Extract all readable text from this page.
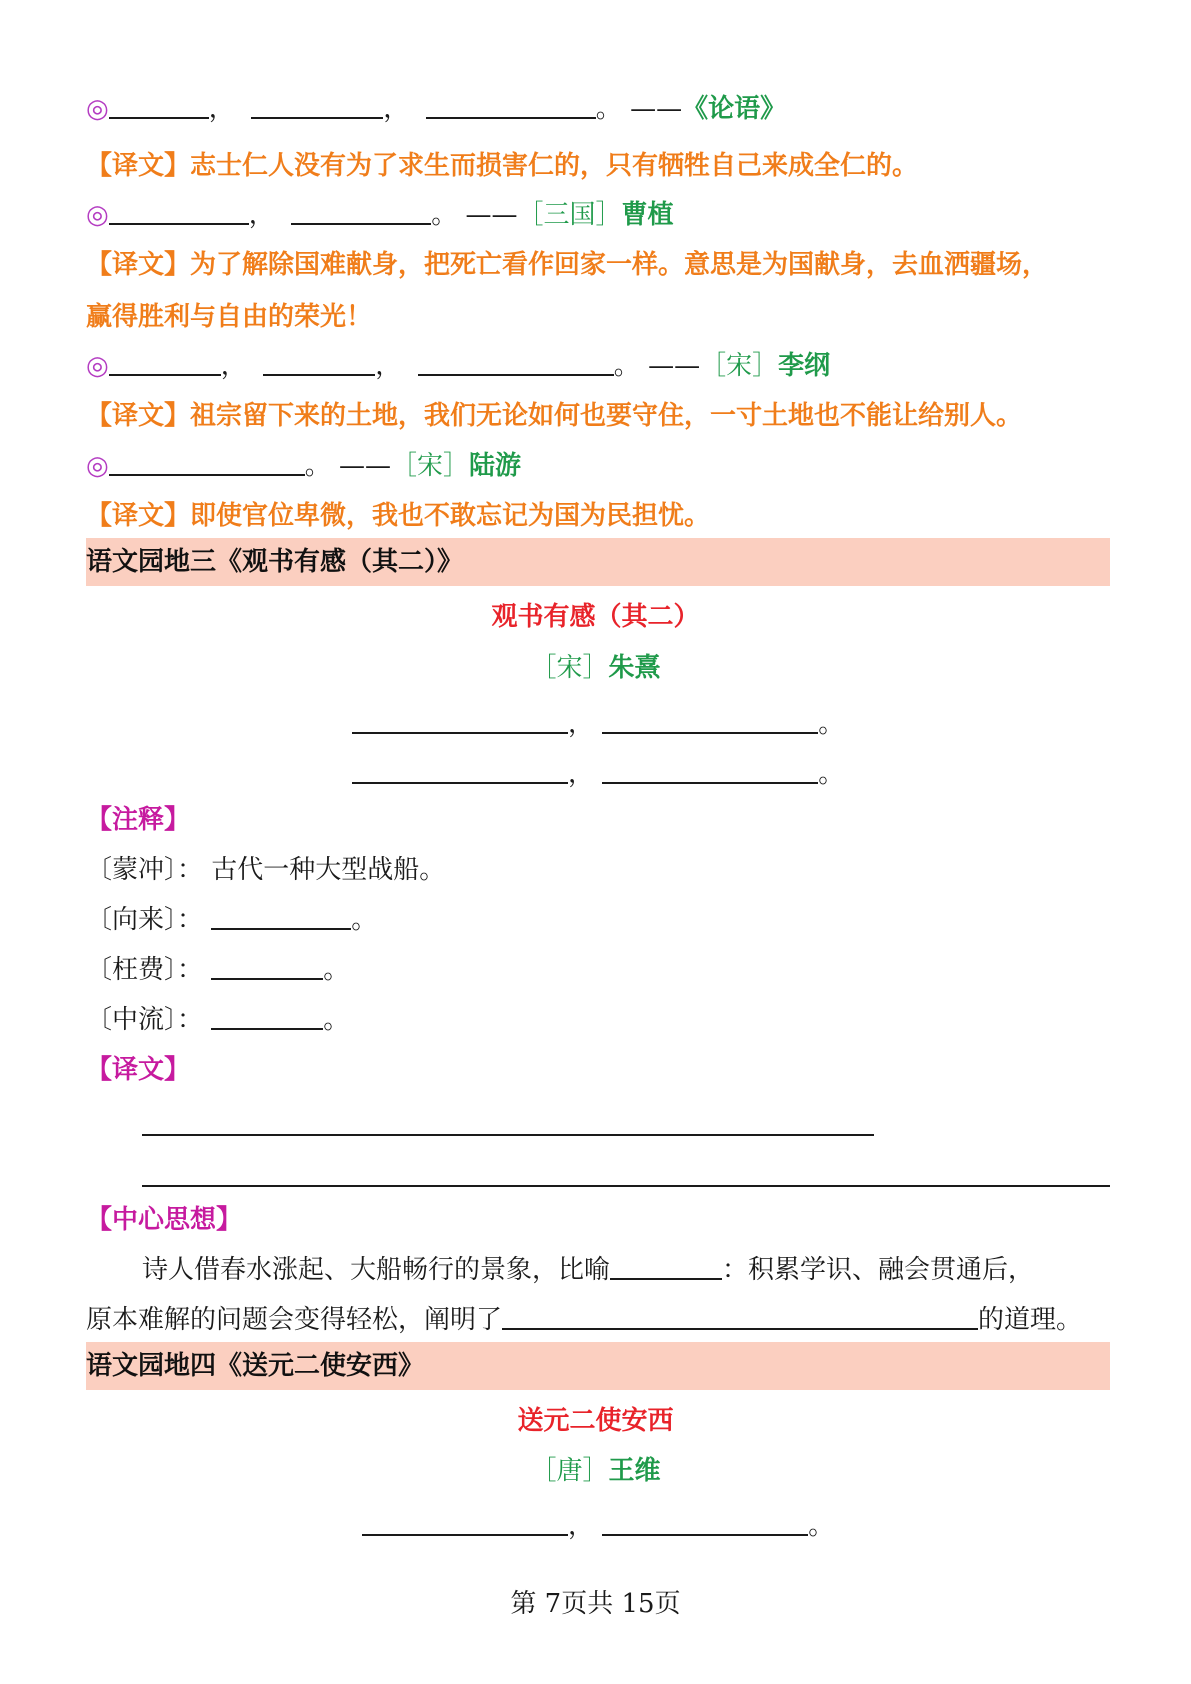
◎	，	，	。 ——《论语》
【译文】志士仁人没有为了求生而损害仁的，只有牺牲自己来成全仁的。
◎	，	。 ——［三国］曹植
【译文】为了解除国难献身，把死亡看作回家一样。意思是为国献身，去血洒疆场，
赢得胜利与自由的荣光！
◎	，	，	。 ——［宋］李纲
【译文】祖宗留下来的土地，我们无论如何也要守住，一寸土地也不能让给别人。
◎	。 ——［宋］陆游
【译文】即使官位卑微，我也不敢忘记为国为民担忧。
语文园地三《观书有感（其二）》
观书有感（其二）
［宋］朱熹
，	。
，	。
【注释】
〔蒙冲〕： 古代一种大型战船。
〔向来〕：	。
〔枉费〕：	。
〔中流〕：	。
【译文】
【中心思想】
诗人借春水涨起、大船畅行的景象，比喻	：积累学识、融会贯通后，
原本难解的问题会变得轻松，阐明了	的道理。
语文园地四《送元二使安西》
送元二使安西
［唐］王维
，	。
第 7页共 15页
